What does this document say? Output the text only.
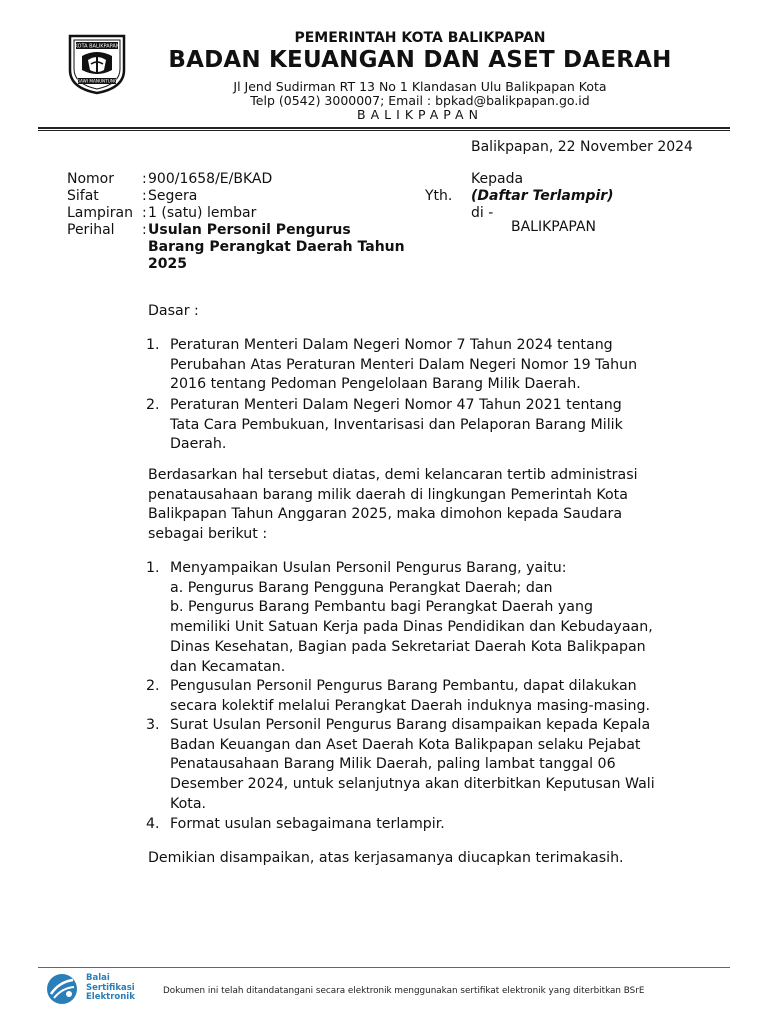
KOTA BALIKPAPAN
GAWI MANUNTUNG
PEMERINTAH KOTA BALIKPAPAN
BADAN KEUANGAN DAN ASET DAERAH
Jl Jend Sudirman RT 13 No 1 Klandasan Ulu Balikpapan Kota
Telp (0542) 3000007; Email : bpkad@balikpapan.go.id
BALIKPAPAN
Balikpapan, 22 November 2024
Nomor : 900/1658/E/BKAD
Sifat	: Segera
Lampiran : 1 (satu) lembar
Perihal : Usulan Personil Pengurus
Barang Perangkat Daerah Tahun
2025
Kepada
Yth. (Daftar Terlampir)
di -
BALIKPAPAN
Dasar :
1. Peraturan Menteri Dalam Negeri Nomor 7 Tahun 2024 tentang
Perubahan Atas Peraturan Menteri Dalam Negeri Nomor 19 Tahun
2016 tentang Pedoman Pengelolaan Barang Milik Daerah.
2. Peraturan Menteri Dalam Negeri Nomor 47 Tahun 2021 tentang
Tata Cara Pembukuan, Inventarisasi dan Pelaporan Barang Milik
Daerah.
Berdasarkan hal tersebut diatas, demi kelancaran tertib administrasi
penatausahaan barang milik daerah di lingkungan Pemerintah Kota
Balikpapan Tahun Anggaran 2025, maka dimohon kepada Saudara
sebagai berikut :
1. Menyampaikan Usulan Personil Pengurus Barang, yaitu:
a. Pengurus Barang Pengguna Perangkat Daerah; dan
b. Pengurus Barang Pembantu bagi Perangkat Daerah yang
memiliki Unit Satuan Kerja pada Dinas Pendidikan dan Kebudayaan,
Dinas Kesehatan, Bagian pada Sekretariat Daerah Kota Balikpapan
dan Kecamatan.
2. Pengusulan Personil Pengurus Barang Pembantu, dapat dilakukan
secara kolektif melalui Perangkat Daerah induknya masing-masing.
3. Surat Usulan Personil Pengurus Barang disampaikan kepada Kepala
Badan Keuangan dan Aset Daerah Kota Balikpapan selaku Pejabat
Penatausahaan Barang Milik Daerah, paling lambat tanggal 06
Desember 2024, untuk selanjutnya akan diterbitkan Keputusan Wali
Kota.
4. Format usulan sebagaimana terlampir.
Demikian disampaikan, atas kerjasamanya diucapkan terimakasih.
Balai
Sertifikasi
Elektronik
Dokumen ini telah ditandatangani secara elektronik menggunakan sertifikat elektronik yang diterbitkan BSrE
